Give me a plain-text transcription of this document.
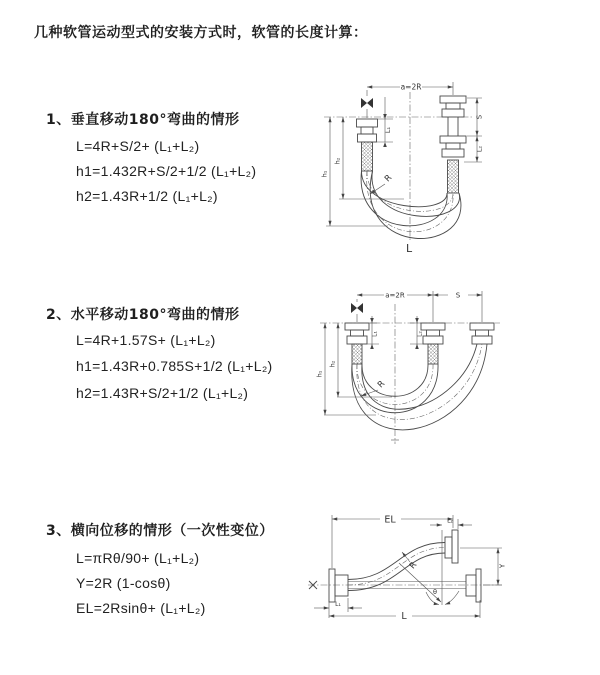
几种软管运动型式的安装方式时，软管的长度计算：
1、垂直移动180°弯曲的情形
L=4R+S/2+ (L₁+L₂)
h1=1.432R+S/2+1/2 (L₁+L₂)
h2=1.43R+1/2 (L₁+L₂)
2、水平移动180°弯曲的情形
L=4R+1.57S+ (L₁+L₂)
h1=1.43R+0.785S+1/2 (L₁+L₂)
h2=1.43R+S/2+1/2 (L₁+L₂)
3、横向位移的情形（一次性变位）
L=πRθ/90+ (L₁+L₂)
Y=2R (1-cosθ)
EL=2Rsinθ+ (L₁+L₂)
a=2R
L₁
S
L₂
h₁
h₂
R
L
a=2R	S
L₁	L₂
h₁
h₂
R
EL	L₂
θ
Y
R
L₁
L
